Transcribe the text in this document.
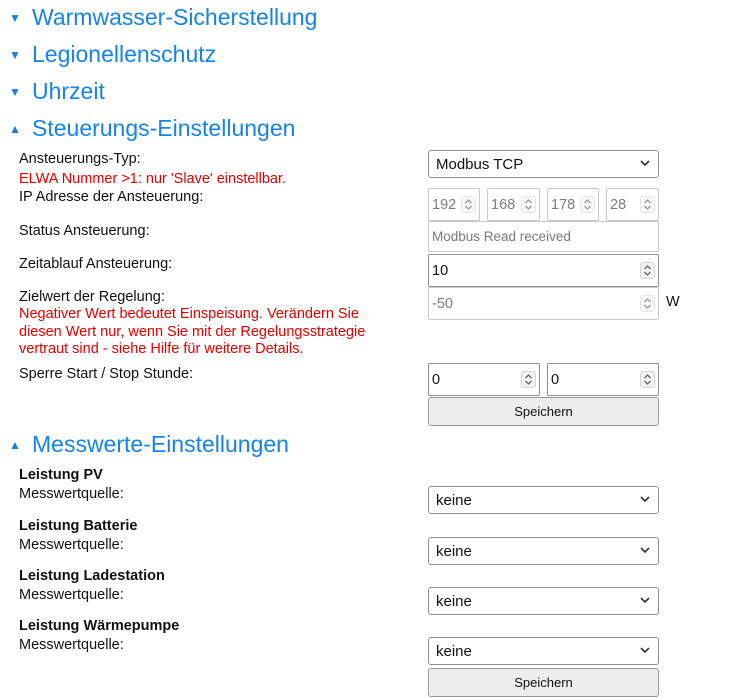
▼ Warmwasser-Sicherstellung
▼ Legionellenschutz
▼ Uhrzeit
▲ Steuerungs-Einstellungen
Ansteuerungs-Typ:
ELWA Nummer >1: nur 'Slave' einstellbar.
Modbus TCP
IP Adresse der Ansteuerung:	192 168 178 28
Status Ansteuerung:	Modbus Read received
Zeitablauf Ansteuerung:	10
Zielwert der Regelung:
Negativer Wert bedeutet Einspeisung. Verändern Sie
diesen Wert nur, wenn Sie mit der Regelungsstrategie
vertraut sind - siehe Hilfe für weitere Details.
-50	W
Sperre Start / Stop Stunde:	0	0
Speichern
▲ Messwerte-Einstellungen
Leistung PV
Messwertquelle:	keine
Leistung Batterie
Messwertquelle:	keine
Leistung Ladestation
Messwertquelle:	keine
Leistung Wärmepumpe
Messwertquelle:	keine
Speichern
